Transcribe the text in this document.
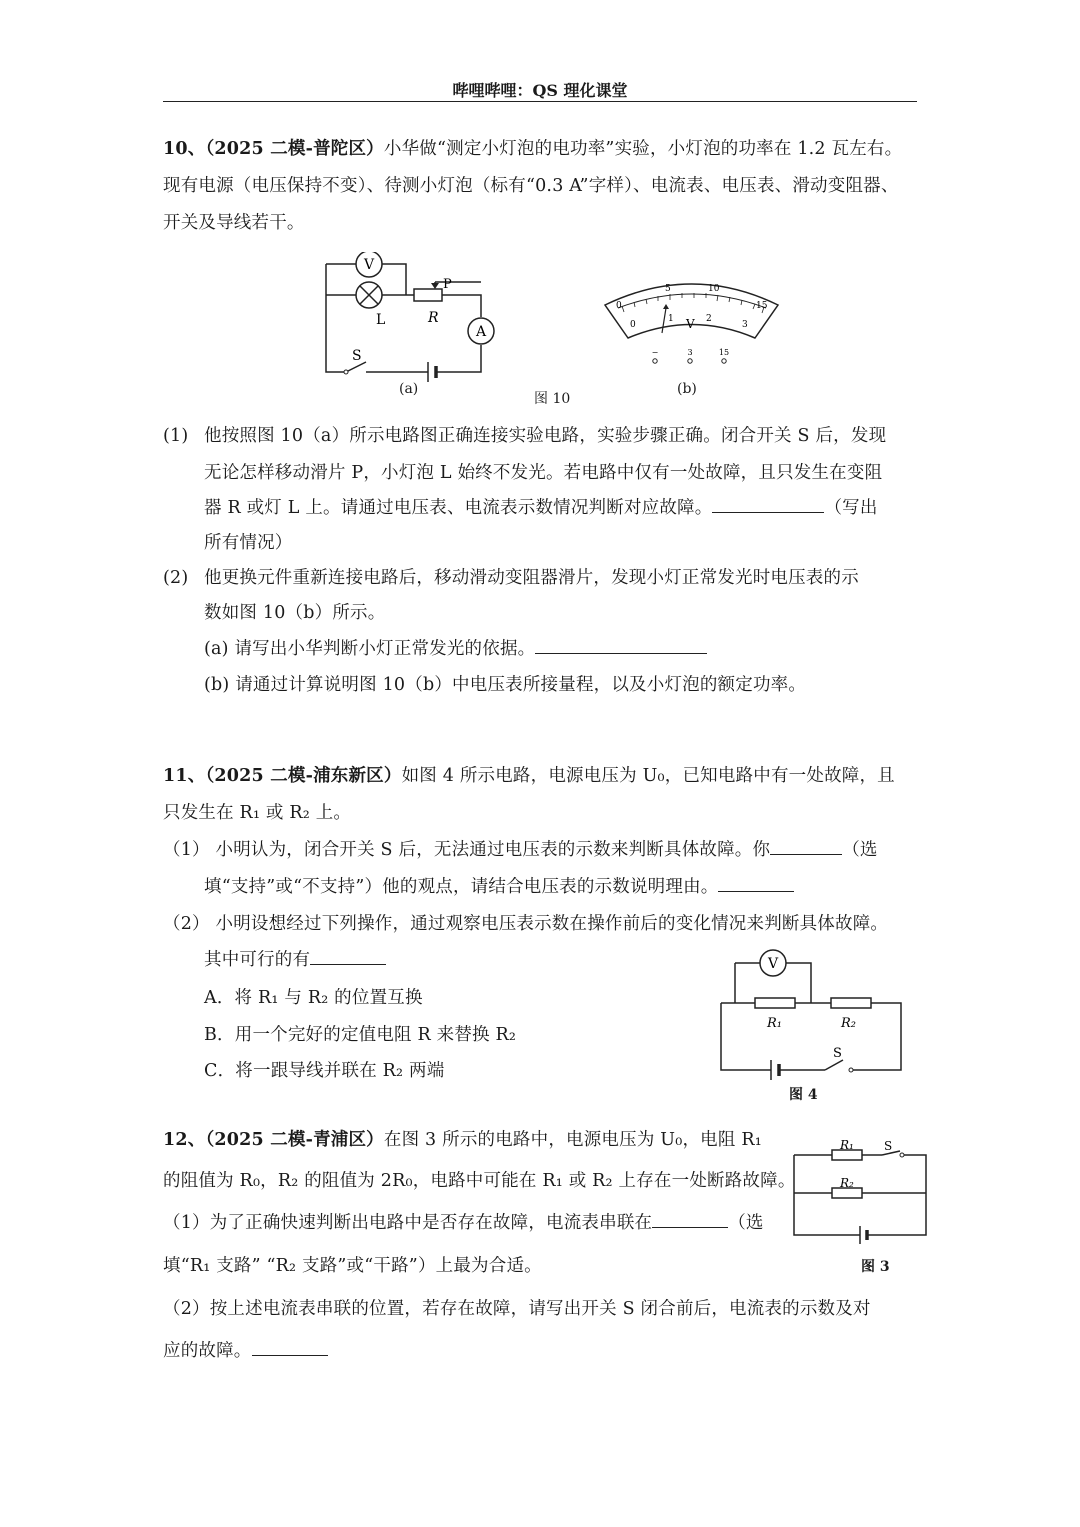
哔哩哔哩：QS 理化课堂
10、（2025 二模-普陀区）小华做“测定小灯泡的电功率”实验，小灯泡的功率在 1.2 瓦左右。
现有电源（电压保持不变）、待测小灯泡（标有“0.3 A”字样）、电流表、电压表、滑动变阻器、
开关及导线若干。
V
L	R
P
A
S
(a)
图 10
0
5	10
15
0
1	2
3
V
−	3	15
(b)
(1) 他按照图 10（a）所示电路图正确连接实验电路，实验步骤正确。闭合开关 S 后，发现
无论怎样移动滑片 P，小灯泡 L 始终不发光。若电路中仅有一处故障，且只发生在变阻
器 R 或灯 L 上。请通过电压表、电流表示数情况判断对应故障。	（写出
所有情况）
(2) 他更换元件重新连接电路后，移动滑动变阻器滑片，发现小灯正常发光时电压表的示
数如图 10（b）所示。
(a) 请写出小华判断小灯正常发光的依据。
(b) 请通过计算说明图 10（b）中电压表所接量程，以及小灯泡的额定功率。
11、（2025 二模-浦东新区）如图 4 所示电路，电源电压为 U₀，已知电路中有一处故障，且
只发生在 R₁ 或 R₂ 上。
（1） 小明认为，闭合开关 S 后，无法通过电压表的示数来判断具体故障。你	（选
填“支持”或“不支持”）他的观点，请结合电压表的示数说明理由。
（2） 小明设想经过下列操作，通过观察电压表示数在操作前后的变化情况来判断具体故障。
其中可行的有
A．将 R₁ 与 R₂ 的位置互换
B．用一个完好的定值电阻 R 来替换 R₂
C．将一跟导线并联在 R₂ 两端
V
R₁	R₂
S
图 4
12、（2025 二模-青浦区）在图 3 所示的电路中，电源电压为 U₀，电阻 R₁
的阻值为 R₀，R₂ 的阻值为 2R₀，电路中可能在 R₁ 或 R₂ 上存在一处断路故障。
（1）为了正确快速判断出电路中是否存在故障，电流表串联在	（选
填“R₁ 支路” “R₂ 支路”或“干路”）上最为合适。
（2）按上述电流表串联的位置，若存在故障，请写出开关 S 闭合前后，电流表的示数及对
应的故障。
R₁
R₂
S
图 3
